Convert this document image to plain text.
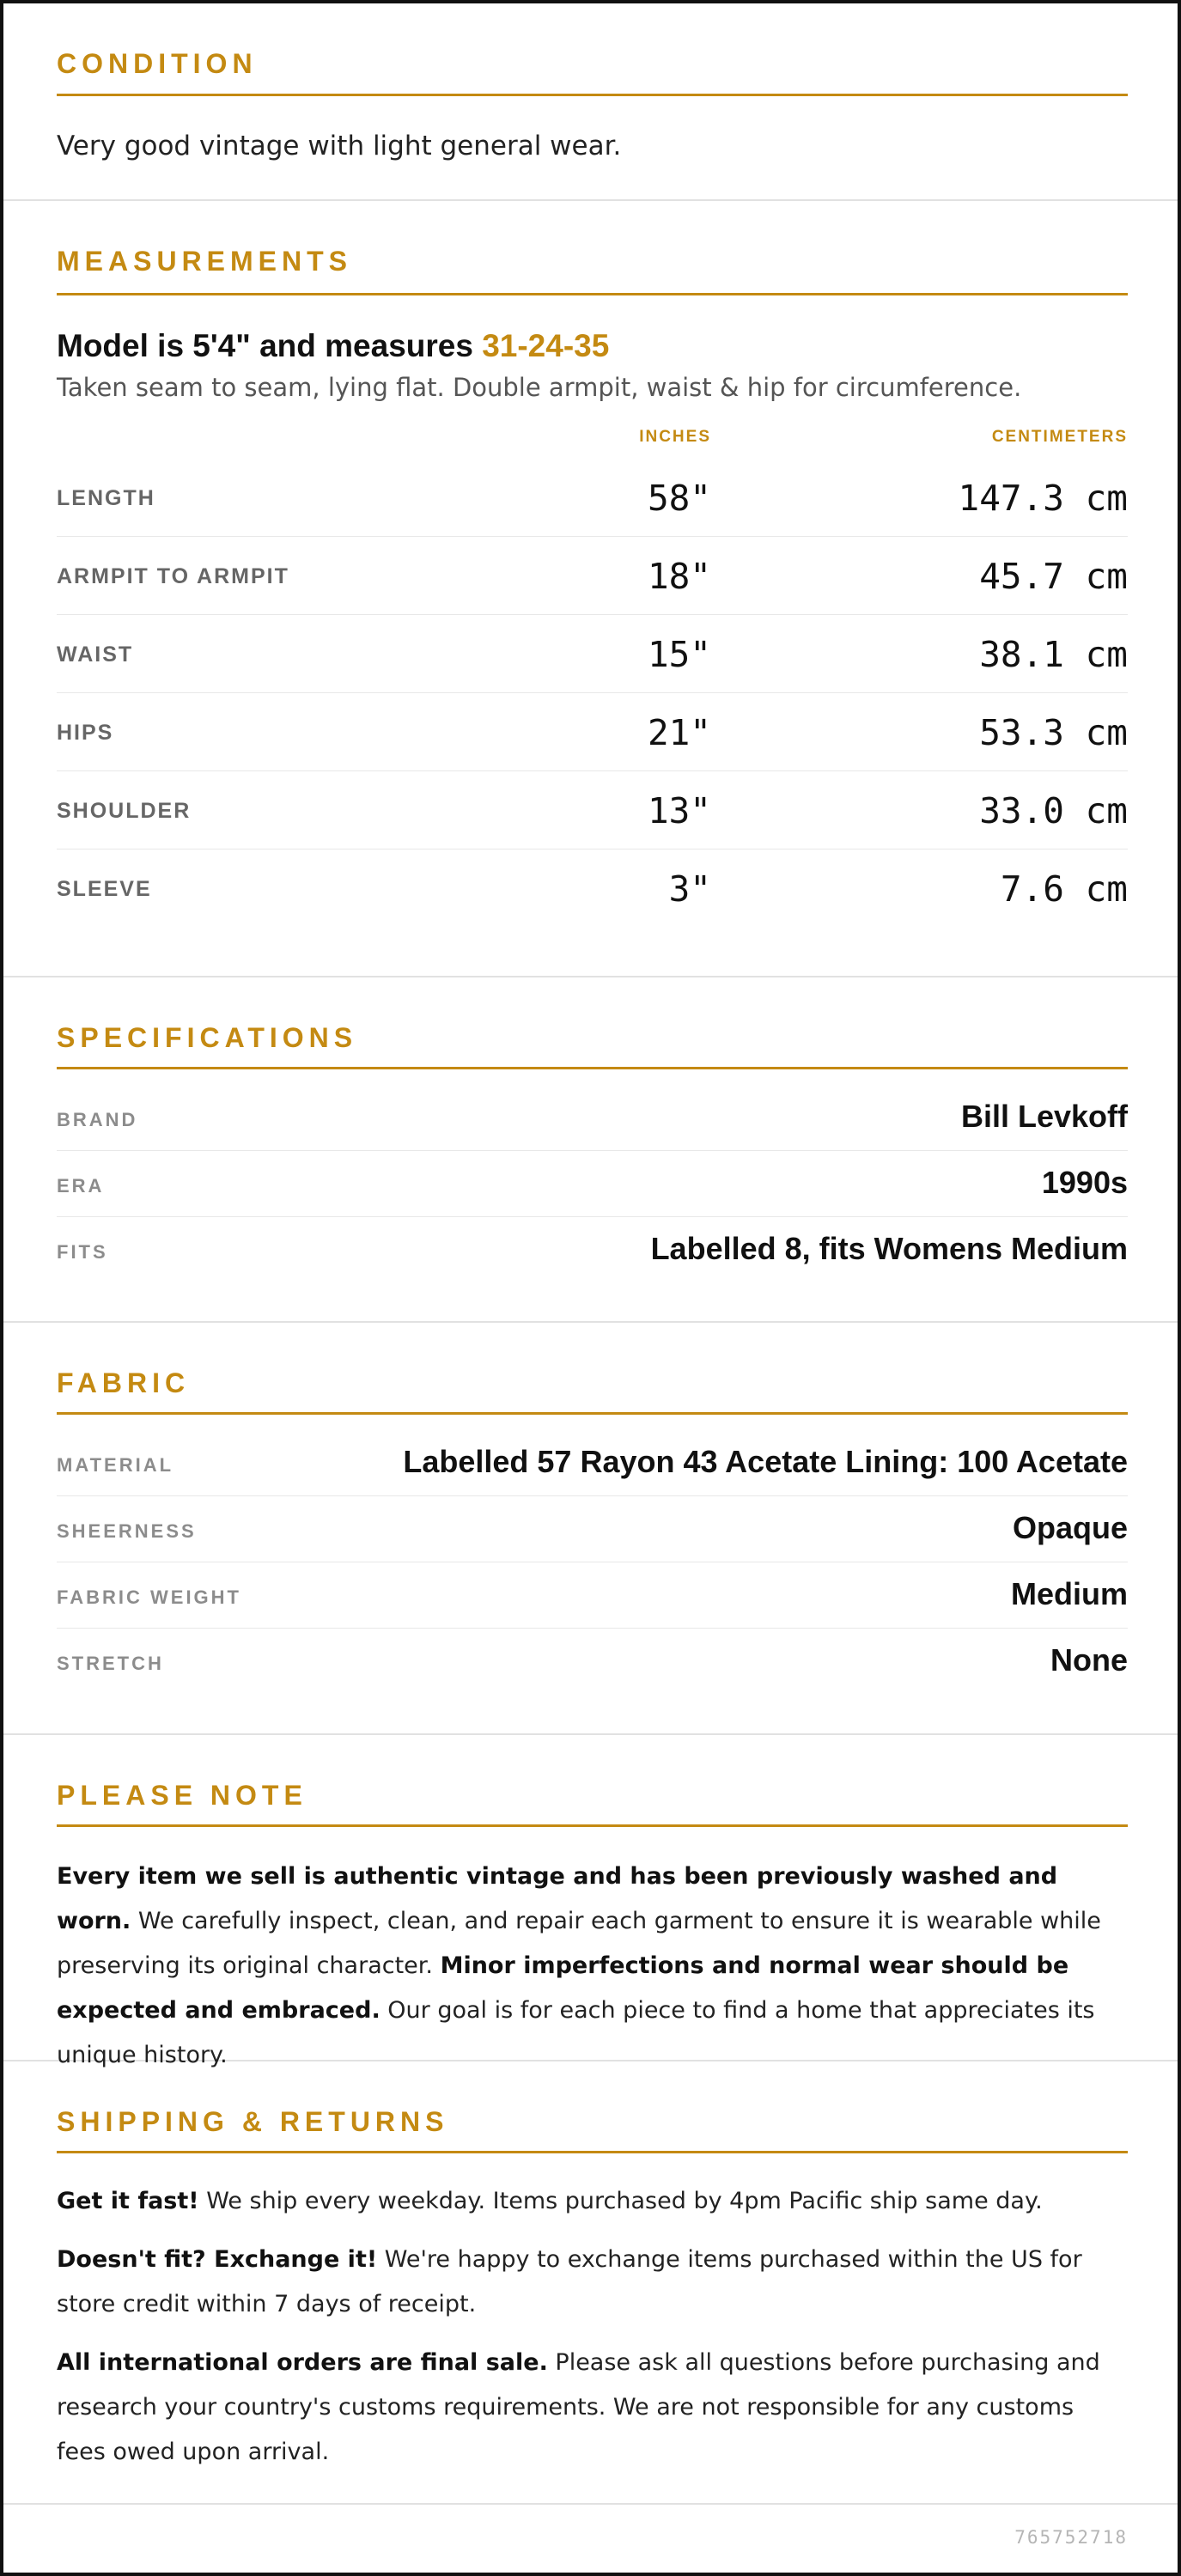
CONDITION
Very good vintage with light general wear.
MEASUREMENTS
Model is 5'4" and measures 31-24-35
Taken seam to seam, lying flat. Double armpit, waist & hip for circumference.
INCHES	CENTIMETERS
LENGTH	58"	147.3 cm
ARMPIT TO ARMPIT	18"	45.7 cm
WAIST	15"	38.1 cm
HIPS	21"	53.3 cm
SHOULDER	13"	33.0 cm
SLEEVE	3"	7.6 cm
SPECIFICATIONS
BRAND	Bill Levkoff
ERA	1990s
FITS	Labelled 8, fits Womens Medium
FABRIC
MATERIAL	Labelled 57 Rayon 43 Acetate Lining: 100 Acetate
SHEERNESS	Opaque
FABRIC WEIGHT	Medium
STRETCH	None
PLEASE NOTE

Every item we sell is authentic vintage and has been previously washed and worn. We carefully inspect, clean, and repair each garment to ensure it is wearable while preserving its original character. Minor imperfections and normal wear should be expected and embraced. Our goal is for each piece to find a home that appreciates its unique history.

SHIPPING & RETURNS

Get it fast! We ship every weekday. Items purchased by 4pm Pacific ship same day.

Doesn't fit? Exchange it! We're happy to exchange items purchased within the US for store credit within 7 days of receipt.

All international orders are final sale. Please ask all questions before purchasing and research your country's customs requirements. We are not responsible for any customs fees owed upon arrival.

765752718
